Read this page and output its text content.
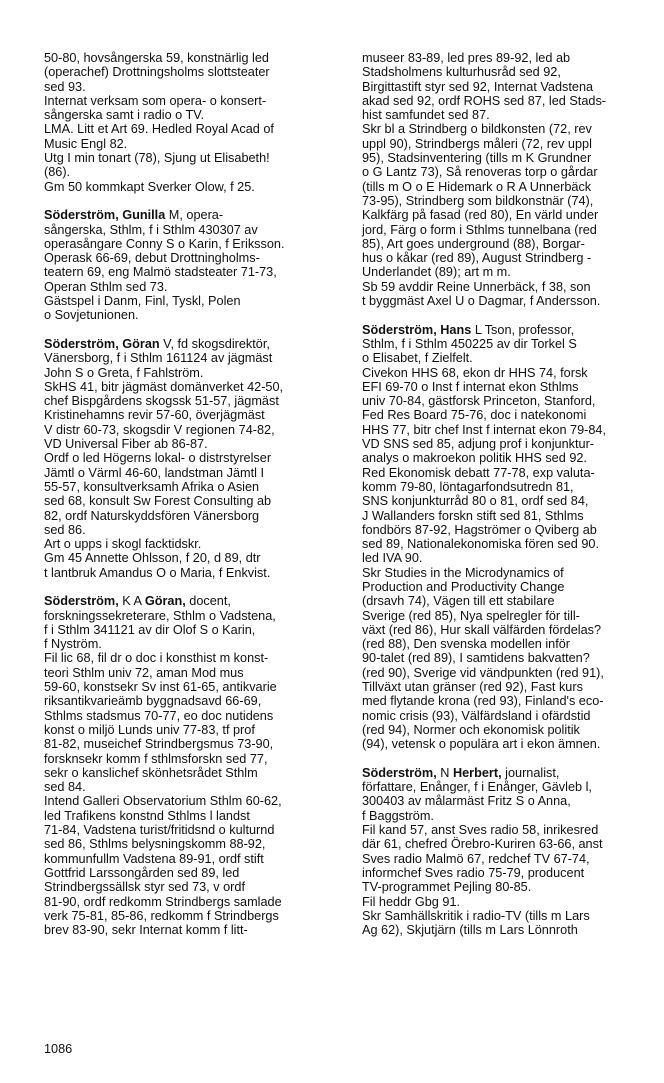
50-80, hovsångerska 59, konstnärlig led
(operachef) Drottningsholms slottsteater
sed 93.
Internat verksam som opera- o konsert-
sångerska samt i radio o TV.
LMA. Litt et Art 69. Hedled Royal Acad of
Music Engl 82.
Utg I min tonart (78), Sjung ut Elisabeth!
(86).
Gm 50 kommkapt Sverker Olow, f 25.

Söderström, Gunilla M, opera-
sångerska, Sthlm, f i Sthlm 430307 av
operasångare Conny S o Karin, f Eriksson.
Operask 66-69, debut Drottningholms-
teatern 69, eng Malmö stadsteater 71-73,
Operan Sthlm sed 73.
Gästspel i Danm, Finl, Tyskl, Polen
o Sovjetunionen.

Söderström, Göran V, fd skogsdirektör,
Vänersborg, f i Sthlm 161124 av jägmäst
John S o Greta, f Fahlström.
SkHS 41, bitr jägmäst domänverket 42-50,
chef Bispgårdens skogssk 51-57, jägmäst
Kristinehamns revir 57-60, överjägmäst
V distr 60-73, skogsdir V regionen 74-82,
VD Universal Fiber ab 86-87.
Ordf o led Högerns lokal- o distrstyrelser
Jämtl o Värml 46-60, landstman Jämtl I
55-57, konsultverksamh Afrika o Asien
sed 68, konsult Sw Forest Consulting ab
82, ordf Naturskyddsfören Vänersborg
sed 86.
Art o upps i skogl facktidskr.
Gm 45 Annette Ohlsson, f 20, d 89, dtr
t lantbruk Amandus O o Maria, f Enkvist.

Söderström, K A Göran, docent,
forskningssekreterare, Sthlm o Vadstena,
f i Sthlm 341121 av dir Olof S o Karin,
f Nyström.
Fil lic 68, fil dr o doc i konsthist m konst-
teori Sthlm univ 72, aman Mod mus
59-60, konstsekr Sv inst 61-65, antikvarie
riksantikvarieämb byggnadsavd 66-69,
Sthlms stadsmus 70-77, eo doc nutidens
konst o miljö Lunds univ 77-83, tf prof
81-82, museichef Strindbergsmus 73-90,
forsknsekr komm f sthlmsforskn sed 77,
sekr o kanslichef skönhetsrådet Sthlm
sed 84.
Intend Galleri Observatorium Sthlm 60-62,
led Trafikens konstnd Sthlms l landst
71-84, Vadstena turist/fritidsnd o kulturnd
sed 86, Sthlms belysningskomm 88-92,
kommunfullm Vadstena 89-91, ordf stift
Gottfrid Larssongården sed 89, led
Strindbergssällsk styr sed 73, v ordf
81-90, ordf redkomm Strindbergs samlade
verk 75-81, 85-86, redkomm f Strindbergs
brev 83-90, sekr Internat komm f litt-

museer 83-89, led pres 89-92, led ab
Stadsholmens kulturhusråd sed 92,
Birgittastift styr sed 92, Internat Vadstena
akad sed 92, ordf ROHS sed 87, led Stads-
hist samfundet sed 87.
Skr bl a Strindberg o bildkonsten (72, rev
uppl 90), Strindbergs måleri (72, rev uppl
95), Stadsinventering (tills m K Grundner
o G Lantz 73), Så renoveras torp o gårdar
(tills m O o E Hidemark o R A Unnerbäck
73-95), Strindberg som bildkonstnär (74),
Kalkfärg på fasad (red 80), En värld under
jord, Färg o form i Sthlms tunnelbana (red
85), Art goes underground (88), Borgar-
hus o kåkar (red 89), August Strindberg -
Underlandet (89); art m m.
Sb 59 avddir Reine Unnerbäck, f 38, son
t byggmäst Axel U o Dagmar, f Andersson.

Söderström, Hans L Tson, professor,
Sthlm, f i Sthlm 450225 av dir Torkel S
o Elisabet, f Zielfelt.
Civekon HHS 68, ekon dr HHS 74, forsk
EFI 69-70 o Inst f internat ekon Sthlms
univ 70-84, gästforsk Princeton, Stanford,
Fed Res Board 75-76, doc i natekonomi
HHS 77, bitr chef Inst f internat ekon 79-84,
VD SNS sed 85, adjung prof i konjunktur-
analys o makroekon politik HHS sed 92.
Red Ekonomisk debatt 77-78, exp valuta-
komm 79-80, löntagarfondsutredn 81,
SNS konjunkturråd 80 o 81, ordf sed 84,
J Wallanders forskn stift sed 81, Sthlms
fondbörs 87-92, Hagströmer o Qviberg ab
sed 89, Nationalekonomiska fören sed 90.
led IVA 90.
Skr Studies in the Microdynamics of
Production and Productivity Change
(drsavh 74), Vägen till ett stabilare
Sverige (red 85), Nya spelregler för till-
växt (red 86), Hur skall välfärden fördelas?
(red 88), Den svenska modellen inför
90-talet (red 89), I samtidens bakvatten?
(red 90), Sverige vid vändpunkten (red 91),
Tillväxt utan gränser (red 92), Fast kurs
med flytande krona (red 93), Finland's eco-
nomic crisis (93), Välfärdsland i ofärdstid
(red 94), Normer och ekonomisk politik
(94), vetensk o populära art i ekon ämnen.

Söderström, N Herbert, journalist,
författare, Enånger, f i Enånger, Gävleb l,
300403 av målarmäst Fritz S o Anna,
f Baggström.
Fil kand 57, anst Sves radio 58, inrikesred
där 61, chefred Örebro-Kuriren 63-66, anst
Sves radio Malmö 67, redchef TV 67-74,
informchef Sves radio 75-79, producent
TV-programmet Pejling 80-85.
Fil heddr Gbg 91.
Skr Samhällskritik i radio-TV (tills m Lars
Ag 62), Skjutjärn (tills m Lars Lönnroth

1086
